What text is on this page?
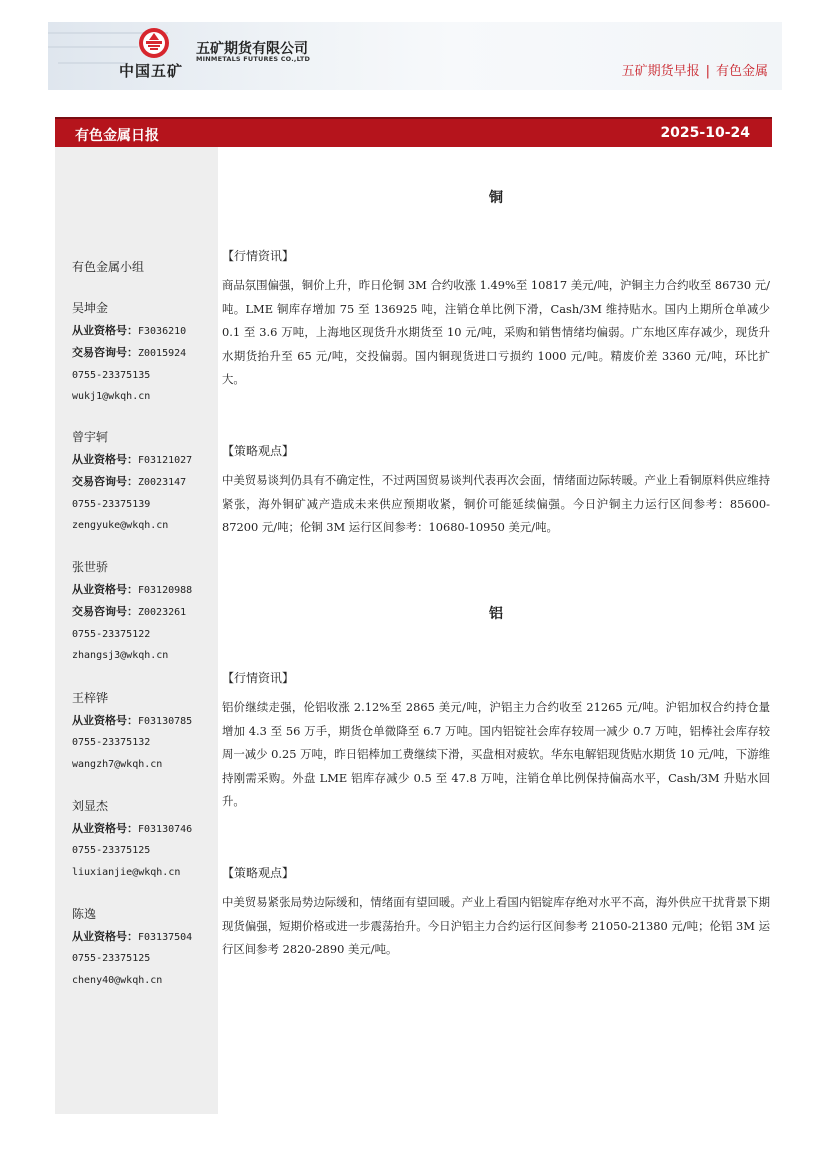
中国五矿
五矿期货有限公司
MINMETALS FUTURES CO.,LTD
五矿期货早报 | 有色金属
有色金属日报	2025-10-24
有色金属小组
吴坤金
从业资格号：F3036210
交易咨询号：Z0015924
0755-23375135
wukj1@wkqh.cn
曾宇轲
从业资格号：F03121027
交易咨询号：Z0023147
0755-23375139
zengyuke@wkqh.cn
张世骄
从业资格号：F03120988
交易咨询号：Z0023261
0755-23375122
zhangsj3@wkqh.cn
王梓铧
从业资格号：F03130785
0755-23375132
wangzh7@wkqh.cn
刘显杰
从业资格号：F03130746
0755-23375125
liuxianjie@wkqh.cn
陈逸
从业资格号：F03137504
0755-23375125
cheny40@wkqh.cn
铜
【行情资讯】

商品氛围偏强，铜价上升，昨日伦铜 3M 合约收涨 1.49%至 10817 美元/吨，沪铜主力合约收至 86730 元/吨。LME 铜库存增加 75 至 136925 吨，注销仓单比例下滑，Cash/3M 维持贴水。国内上期所仓单减少 0.1 至 3.6 万吨，上海地区现货升水期货至 10 元/吨，采购和销售情绪均偏弱。广东地区库存减少，现货升水期货抬升至 65 元/吨，交投偏弱。国内铜现货进口亏损约 1000 元/吨。精废价差 3360 元/吨，环比扩大。

【策略观点】

中美贸易谈判仍具有不确定性，不过两国贸易谈判代表再次会面，情绪面边际转暖。产业上看铜原料供应维持紧张，海外铜矿减产造成未来供应预期收紧，铜价可能延续偏强。今日沪铜主力运行区间参考：85600-87200 元/吨；伦铜 3M 运行区间参考：10680-10950 美元/吨。

铝
【行情资讯】

铝价继续走强，伦铝收涨 2.12%至 2865 美元/吨，沪铝主力合约收至 21265 元/吨。沪铝加权合约持仓量增加 4.3 至 56 万手，期货仓单微降至 6.7 万吨。国内铝锭社会库存较周一减少 0.7 万吨，铝棒社会库存较周一减少 0.25 万吨，昨日铝棒加工费继续下滑，买盘相对疲软。华东电解铝现货贴水期货 10 元/吨，下游维持刚需采购。外盘 LME 铝库存减少 0.5 至 47.8 万吨，注销仓单比例保持偏高水平，Cash/3M 升贴水回升。

【策略观点】

中美贸易紧张局势边际缓和，情绪面有望回暖。产业上看国内铝锭库存绝对水平不高，海外供应干扰背景下期现货偏强，短期价格或进一步震荡抬升。今日沪铝主力合约运行区间参考 21050-21380 元/吨；伦铝 3M 运行区间参考 2820-2890 美元/吨。
